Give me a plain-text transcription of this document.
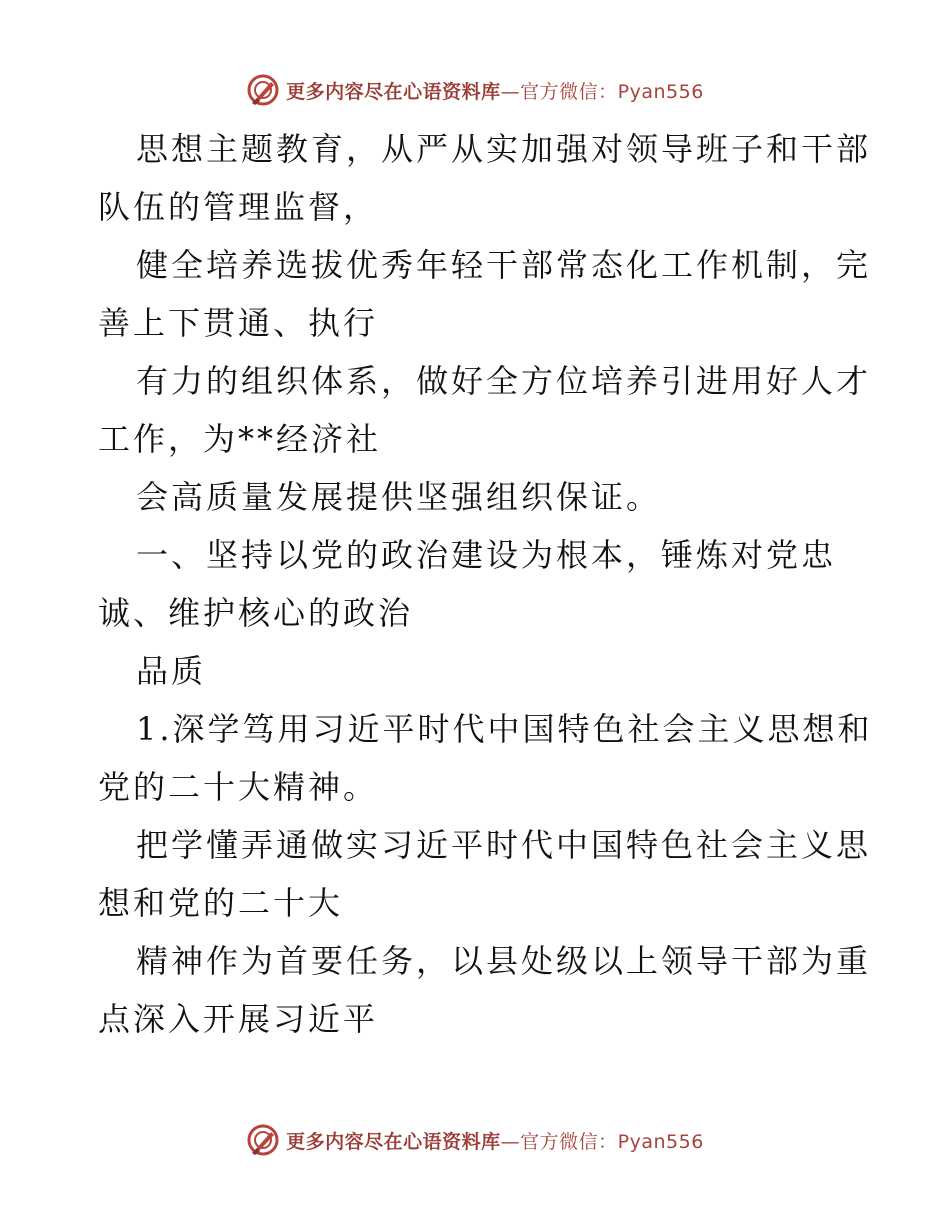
更多内容尽在心语资料库—官方微信：Pyan556
思想主题教育，从严从实加强对领导班子和干部
队伍的管理监督，
健全培养选拔优秀年轻干部常态化工作机制，完
善上下贯通、执行
有力的组织体系，做好全方位培养引进用好人才
工作，为**经济社
会高质量发展提供坚强组织保证。
一、坚持以党的政治建设为根本，锤炼对党忠
诚、维护核心的政治
品质
1.深学笃用习近平时代中国特色社会主义思想和
党的二十大精神。
把学懂弄通做实习近平时代中国特色社会主义思
想和党的二十大
精神作为首要任务，以县处级以上领导干部为重
点深入开展习近平
更多内容尽在心语资料库—官方微信：Pyan556
